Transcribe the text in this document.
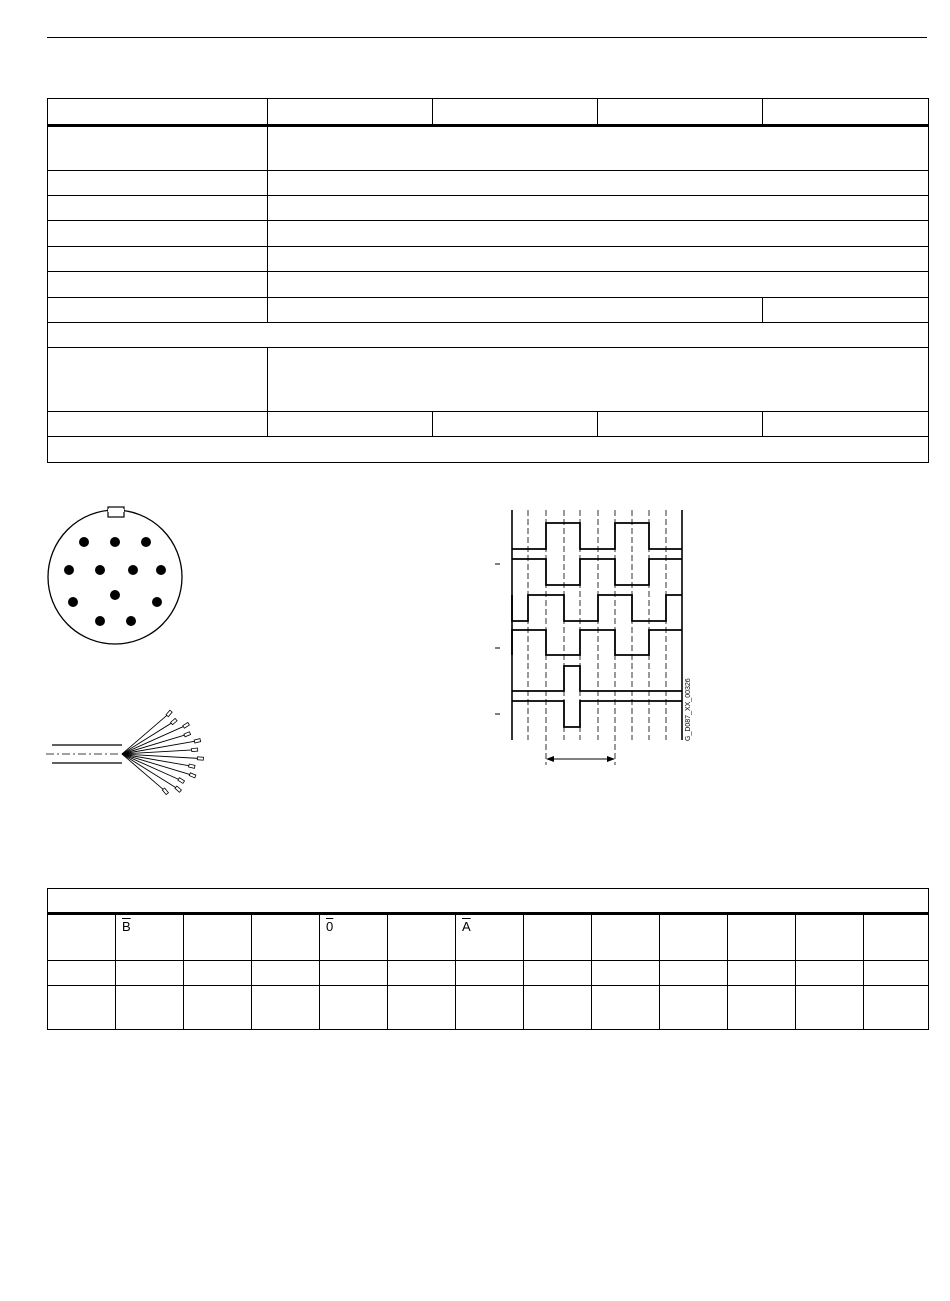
G_D087_XX_00326

	$\overline{B}$			0		$\overline{A}$						
